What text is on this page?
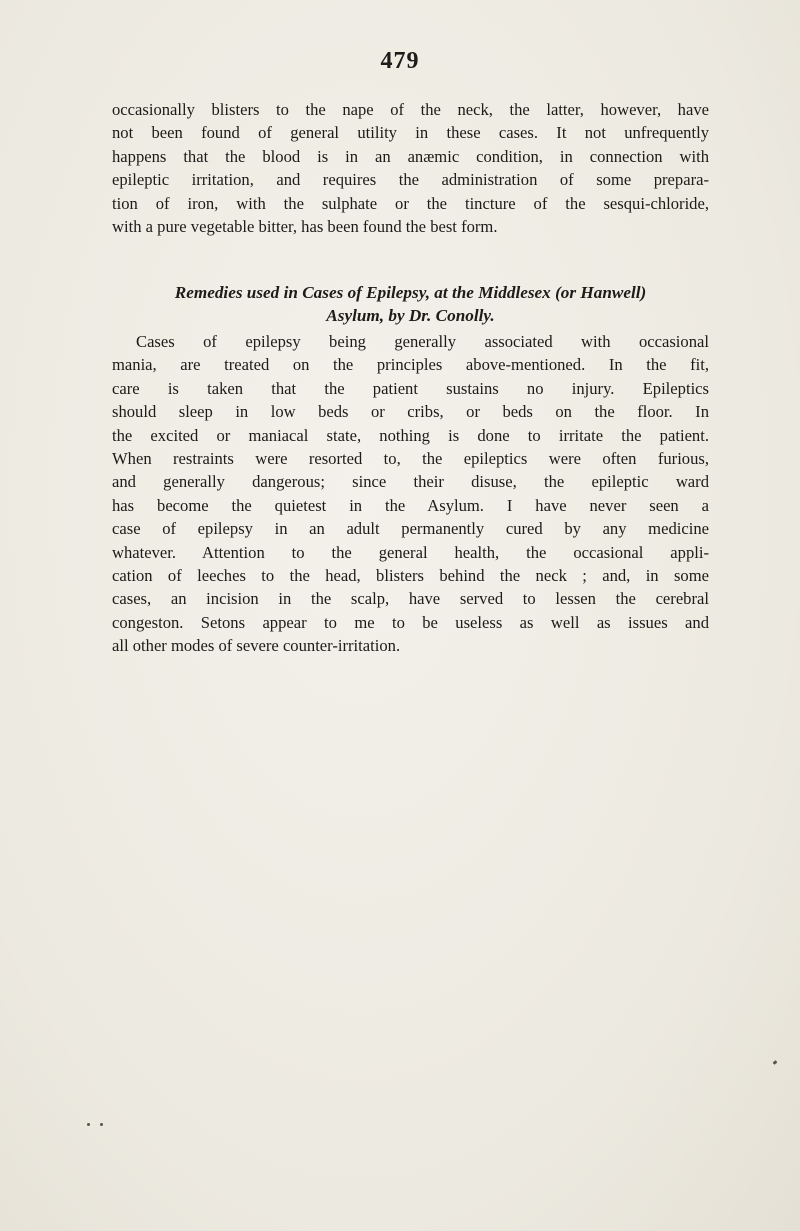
479
occasionally blisters to the nape of the neck, the latter, however, have
not been found of general utility in these cases. It not unfrequently
happens that the blood is in an anæmic condition, in connection with
epileptic irritation, and requires the administration of some prepara-
tion of iron, with the sulphate or the tincture of the sesqui-chloride,
with a pure vegetable bitter, has been found the best form.
Remedies used in Cases of Epilepsy, at the Middlesex (or Hanwell)
Asylum, by Dr. Conolly.
Cases of epilepsy being generally associated with occasional
mania, are treated on the principles above-mentioned. In the fit,
care is taken that the patient sustains no injury. Epileptics
should sleep in low beds or cribs, or beds on the floor. In
the excited or maniacal state, nothing is done to irritate the patient.
When restraints were resorted to, the epileptics were often furious,
and generally dangerous; since their disuse, the epileptic ward
has become the quietest in the Asylum. I have never seen a
case of epilepsy in an adult permanently cured by any medicine
whatever. Attention to the general health, the occasional appli-
cation of leeches to the head, blisters behind the neck ; and, in some
cases, an incision in the scalp, have served to lessen the cerebral
congeston. Setons appear to me to be useless as well as issues and
all other modes of severe counter-irritation.
